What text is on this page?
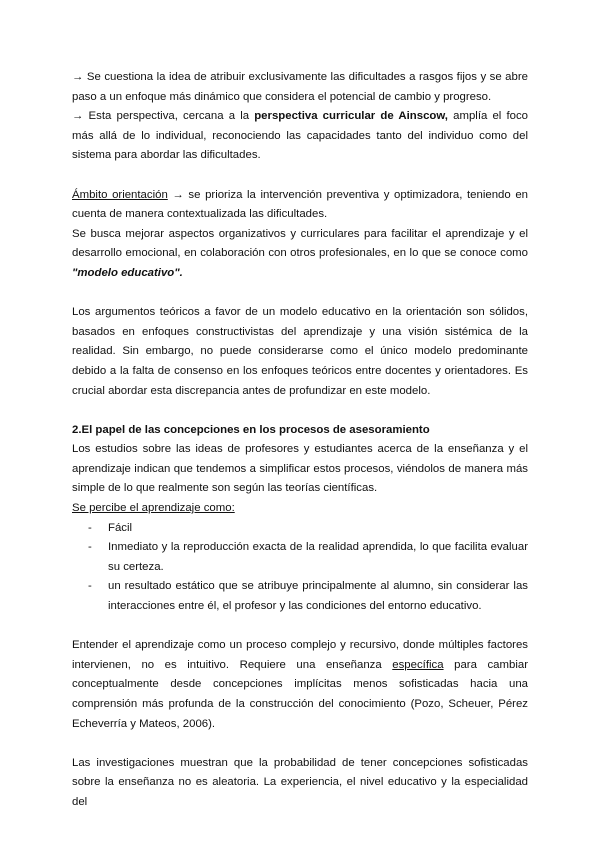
→ Se cuestiona la idea de atribuir exclusivamente las dificultades a rasgos fijos y se abre paso a un enfoque más dinámico que considera el potencial de cambio y progreso.

→ Esta perspectiva, cercana a la perspectiva curricular de Ainscow, amplía el foco más allá de lo individual, reconociendo las capacidades tanto del individuo como del sistema para abordar las dificultades.

Ámbito orientación → se prioriza la intervención preventiva y optimizadora, teniendo en cuenta de manera contextualizada las dificultades.

Se busca mejorar aspectos organizativos y curriculares para facilitar el aprendizaje y el desarrollo emocional, en colaboración con otros profesionales, en lo que se conoce como "modelo educativo".

Los argumentos teóricos a favor de un modelo educativo en la orientación son sólidos, basados en enfoques constructivistas del aprendizaje y una visión sistémica de la realidad. Sin embargo, no puede considerarse como el único modelo predominante debido a la falta de consenso en los enfoques teóricos entre docentes y orientadores. Es crucial abordar esta discrepancia antes de profundizar en este modelo.

2.El papel de las concepciones en los procesos de asesoramiento

Los estudios sobre las ideas de profesores y estudiantes acerca de la enseñanza y el aprendizaje indican que tendemos a simplificar estos procesos, viéndolos de manera más simple de lo que realmente son según las teorías científicas.

Se percibe el aprendizaje como:

- Fácil
- Inmediato y la reproducción exacta de la realidad aprendida, lo que facilita evaluar su certeza.
- un resultado estático que se atribuye principalmente al alumno, sin considerar las interacciones entre él, el profesor y las condiciones del entorno educativo.

Entender el aprendizaje como un proceso complejo y recursivo, donde múltiples factores intervienen, no es intuitivo. Requiere una enseñanza específica para cambiar conceptualmente desde concepciones implícitas menos sofisticadas hacia una comprensión más profunda de la construcción del conocimiento (Pozo, Scheuer, Pérez Echeverría y Mateos, 2006).

Las investigaciones muestran que la probabilidad de tener concepciones sofisticadas sobre la enseñanza no es aleatoria. La experiencia, el nivel educativo y la especialidad del
